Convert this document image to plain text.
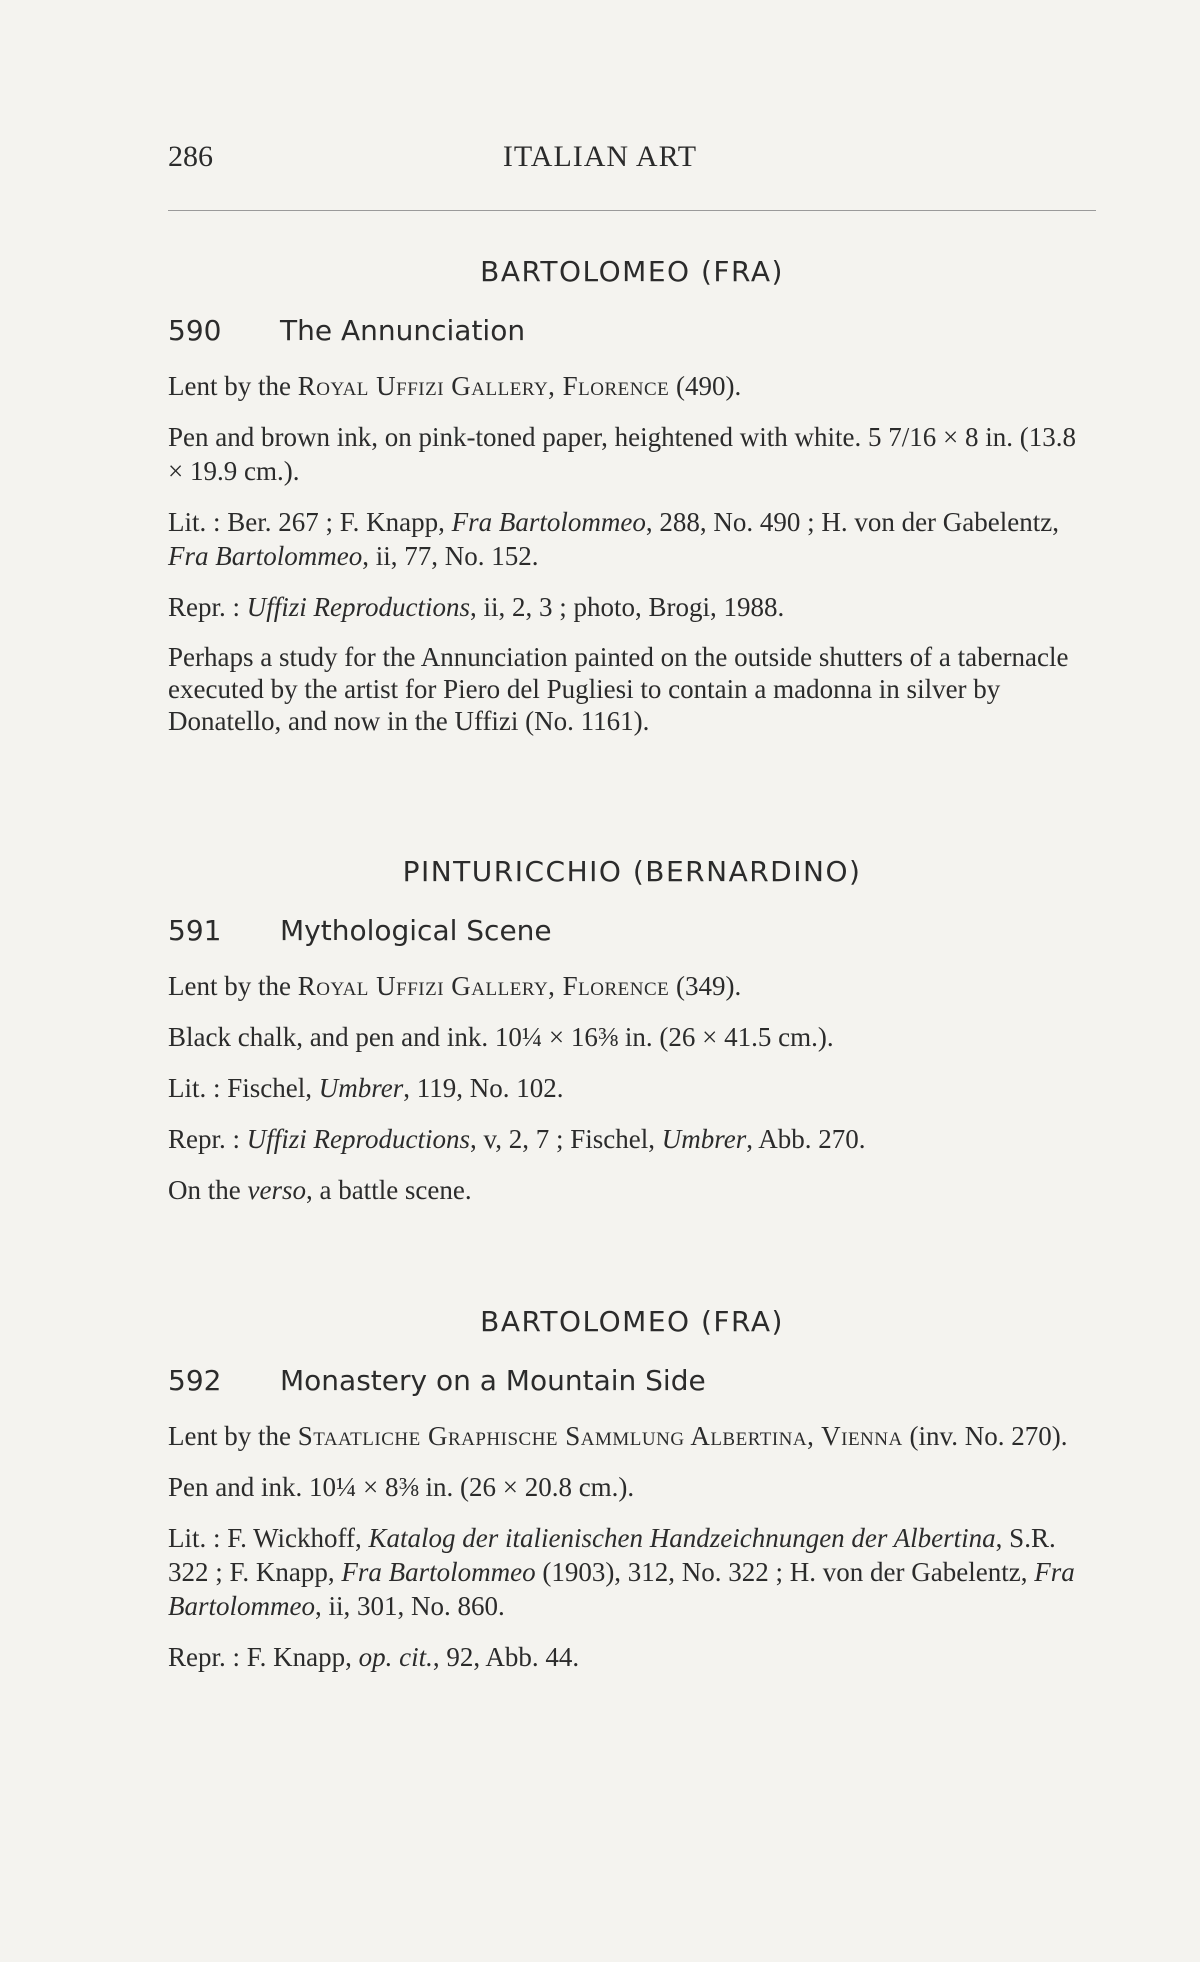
286	ITALIAN ART
BARTOLOMEO (FRA)
590 The Annunciation

Lent by the Royal Uffizi Gallery, Florence (490).

Pen and brown ink, on pink-toned paper, heightened with white. 5 7/16 × 8 in. (13.8 × 19.9 cm.).

Lit. : Ber. 267 ; F. Knapp, Fra Bartolommeo, 288, No. 490 ; H. von der Gabelentz, Fra Bartolommeo, ii, 77, No. 152.

Repr. : Uffizi Reproductions, ii, 2, 3 ; photo, Brogi, 1988.

Perhaps a study for the Annunciation painted on the outside shutters of a tabernacle executed by the artist for Piero del Pugliesi to contain a madonna in silver by Donatello, and now in the Uffizi (No. 1161).

PINTURICCHIO (BERNARDINO)
591 Mythological Scene

Lent by the Royal Uffizi Gallery, Florence (349).

Black chalk, and pen and ink. 10¼ × 16⅜ in. (26 × 41.5 cm.).

Lit. : Fischel, Umbrer, 119, No. 102.

Repr. : Uffizi Reproductions, v, 2, 7 ; Fischel, Umbrer, Abb. 270.

On the verso, a battle scene.

BARTOLOMEO (FRA)
592 Monastery on a Mountain Side

Lent by the Staatliche Graphische Sammlung Albertina, Vienna (inv. No. 270).

Pen and ink. 10¼ × 8⅜ in. (26 × 20.8 cm.).

Lit. : F. Wickhoff, Katalog der italienischen Handzeichnungen der Albertina, S.R. 322 ; F. Knapp, Fra Bartolommeo (1903), 312, No. 322 ; H. von der Gabelentz, Fra Bartolommeo, ii, 301, No. 860.

Repr. : F. Knapp, op. cit., 92, Abb. 44.
